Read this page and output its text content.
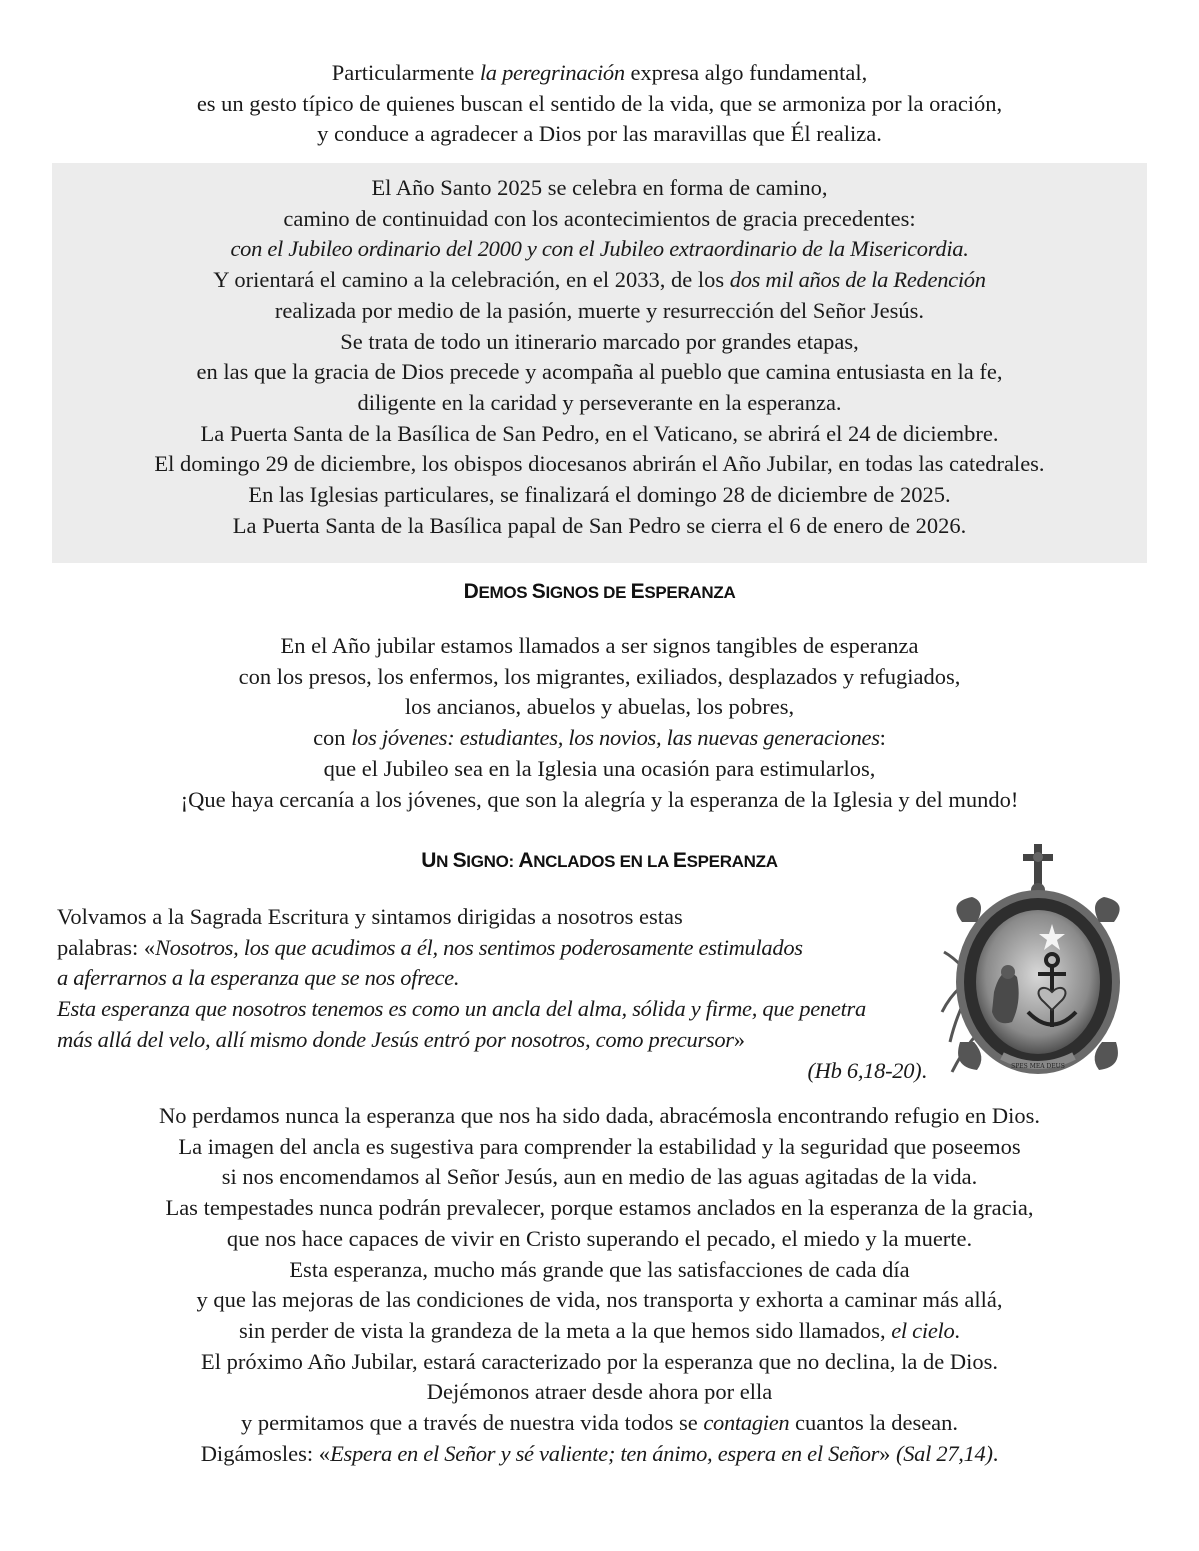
Particularmente la peregrinación expresa algo fundamental,
es un gesto típico de quienes buscan el sentido de la vida, que se armoniza por la oración,
y conduce a agradecer a Dios por las maravillas que Él realiza.
El Año Santo 2025 se celebra en forma de camino,
camino de continuidad con los acontecimientos de gracia precedentes:
con el Jubileo ordinario del 2000 y con el Jubileo extraordinario de la Misericordia.
Y orientará el camino a la celebración, en el 2033, de los dos mil años de la Redención
realizada por medio de la pasión, muerte y resurrección del Señor Jesús.
Se trata de todo un itinerario marcado por grandes etapas,
en las que la gracia de Dios precede y acompaña al pueblo que camina entusiasta en la fe,
diligente en la caridad y perseverante en la esperanza.
La Puerta Santa de la Basílica de San Pedro, en el Vaticano, se abrirá el 24 de diciembre.
El domingo 29 de diciembre, los obispos diocesanos abrirán el Año Jubilar, en todas las catedrales.
En las Iglesias particulares, se finalizará el domingo 28 de diciembre de 2025.
La Puerta Santa de la Basílica papal de San Pedro se cierra el 6 de enero de 2026.
DEMOS SIGNOS DE ESPERANZA
En el Año jubilar estamos llamados a ser signos tangibles de esperanza
con los presos, los enfermos, los migrantes, exiliados, desplazados y refugiados,
los ancianos, abuelos y abuelas, los pobres,
con los jóvenes: estudiantes, los novios, las nuevas generaciones:
que el Jubileo sea en la Iglesia una ocasión para estimularlos,
¡Que haya cercanía a los jóvenes, que son la alegría y la esperanza de la Iglesia y del mundo!
UN SIGNO: ANCLADOS EN LA ESPERANZA
Volvamos a la Sagrada Escritura y sintamos dirigidas a nosotros estas
palabras: «Nosotros, los que acudimos a él, nos sentimos poderosamente estimulados
a aferrarnos a la esperanza que se nos ofrece.
Esta esperanza que nosotros tenemos es como un ancla del alma, sólida y firme, que penetra
más allá del velo, allí mismo donde Jesús entró por nosotros, como precursor»
(Hb 6,18-20).	SPES MEA DEUS
No perdamos nunca la esperanza que nos ha sido dada, abracémosla encontrando refugio en Dios.
La imagen del ancla es sugestiva para comprender la estabilidad y la seguridad que poseemos
si nos encomendamos al Señor Jesús, aun en medio de las aguas agitadas de la vida.
Las tempestades nunca podrán prevalecer, porque estamos anclados en la esperanza de la gracia,
que nos hace capaces de vivir en Cristo superando el pecado, el miedo y la muerte.
Esta esperanza, mucho más grande que las satisfacciones de cada día
y que las mejoras de las condiciones de vida, nos transporta y exhorta a caminar más allá,
sin perder de vista la grandeza de la meta a la que hemos sido llamados, el cielo.
El próximo Año Jubilar, estará caracterizado por la esperanza que no declina, la de Dios.
Dejémonos atraer desde ahora por ella
y permitamos que a través de nuestra vida todos se contagien cuantos la desean.
Digámosles: «Espera en el Señor y sé valiente; ten ánimo, espera en el Señor» (Sal 27,14).
